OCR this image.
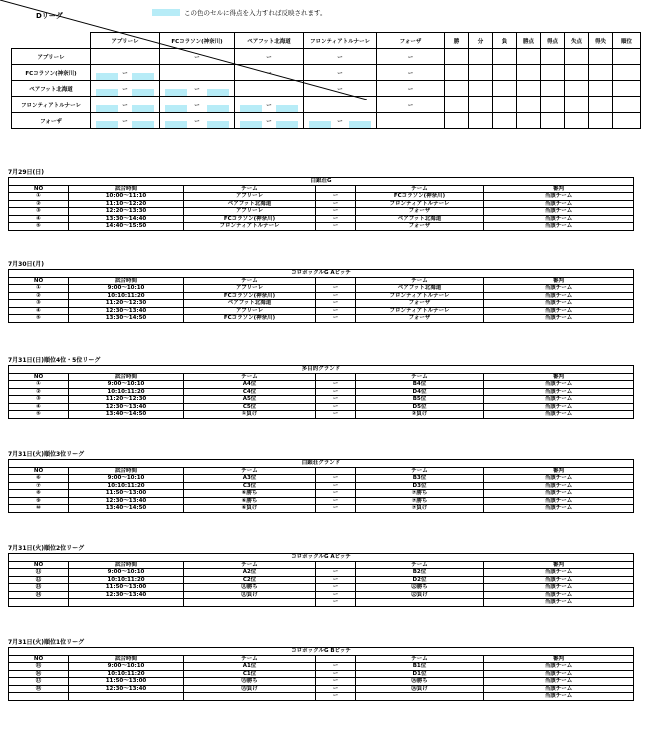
Dリーグ	この色のセルに得点を入力すれば反映されます。
	アプリーレ	FCコラソン(神奈川)	ペアフット北海道	フロンティアトルナーレ	フォーザ	勝	分	負	勝点	得点	失点	得失	順位
アプリーレ		ー	ー	ー	ー								
FCコラソン(神奈川)	ー		ー	ー	ー								
ペアフット北海道	ー	ー		ー	ー								
フロンティアトルナーレ	ー	ー	ー		ー								
フォーザ	ー	ー	ー	ー									
7月29日(日)
白銀荘G					
NO	試合時間	チーム		チーム	審判
①	10:00～11:10	アプリーレ	ー	FCコラソン(神奈川)	当該チーム
②	11:10～12:20	ペアフット北海道	ー	フロンティアトルナーレ	当該チーム
③	12:20～13:30	アプリーレ	ー	フォーザ	当該チーム
④	13:30～14:40	FCコラソン(神奈川)	ー	ペアフット北海道	当該チーム
⑤	14:40～15:50	フロンティアトルナーレ	ー	フォーザ	当該チーム
7月30日(月)
コロポックルG Aピッチ					
NO	試合時間	チーム		チーム	審判
①	9:00～10:10	アプリーレ	ー	ペアフット北海道	当該チーム
②	10:10:11:20	FCコラソン(神奈川)	ー	フロンティアトルナーレ	当該チーム
③	11:20～12:30	ペアフット北海道	ー	フォーザ	当該チーム
④	12:30～13:40	アプリーレ	ー	フロンティアトルナーレ	当該チーム
⑤	13:30～14:50	FCコラソン(神奈川)	ー	フォーザ	当該チーム
7月31日(日)順位4位・5位リーグ
多目的グランド					
NO	試合時間	チーム		チーム	審判
①	9:00～10:10	A4位	ー	B4位	当該チーム
②	10:10:11:20	C4位	ー	D4位	当該チーム
③	11:20～12:30	A5位	ー	B5位	当該チーム
④	12:30～13:40	C5位	ー	D5位	当該チーム
⑤	13:40～14:50	①負け	ー	②負け	当該チーム
7月31日(火)順位3位リーグ
白銀荘グランド					
NO	試合時間	チーム		チーム	審判
⑥	9:00～10:10	A3位	ー	B3位	当該チーム
⑦	10:10:11:20	C3位	ー	D3位	当該チーム
⑧	11:50～13:00	⑥勝ち	ー	⑦勝ち	当該チーム
⑨	12:30～13:40	⑥勝ち	ー	⑦勝ち	当該チーム
⑩	13:40～14:50	⑥負け	ー	⑦負け	当該チーム
7月31日(火)順位2位リーグ
コロポックルG Aピッチ					
NO	試合時間	チーム		チーム	審判
⑪	9:00～10:10	A2位	ー	B2位	当該チーム
⑫	10:10:11:20	C2位	ー	D2位	当該チーム
⑬	11:50～13:00	⑪勝ち	ー	⑫勝ち	当該チーム
⑭	12:30～13:40	⑪負け	ー	⑫負け	当該チーム
			ー		当該チーム
7月31日(火)順位1位リーグ
コロポックルG Bピッチ					
NO	試合時間	チーム		チーム	審判
⑮	9:00～10:10	A1位	ー	B1位	当該チーム
⑯	10:10:11:20	C1位	ー	D1位	当該チーム
⑰	11:50～13:00	⑮勝ち	ー	⑯勝ち	当該チーム
⑱	12:30～13:40	⑮負け	ー	⑯負け	当該チーム
			ー		当該チーム
